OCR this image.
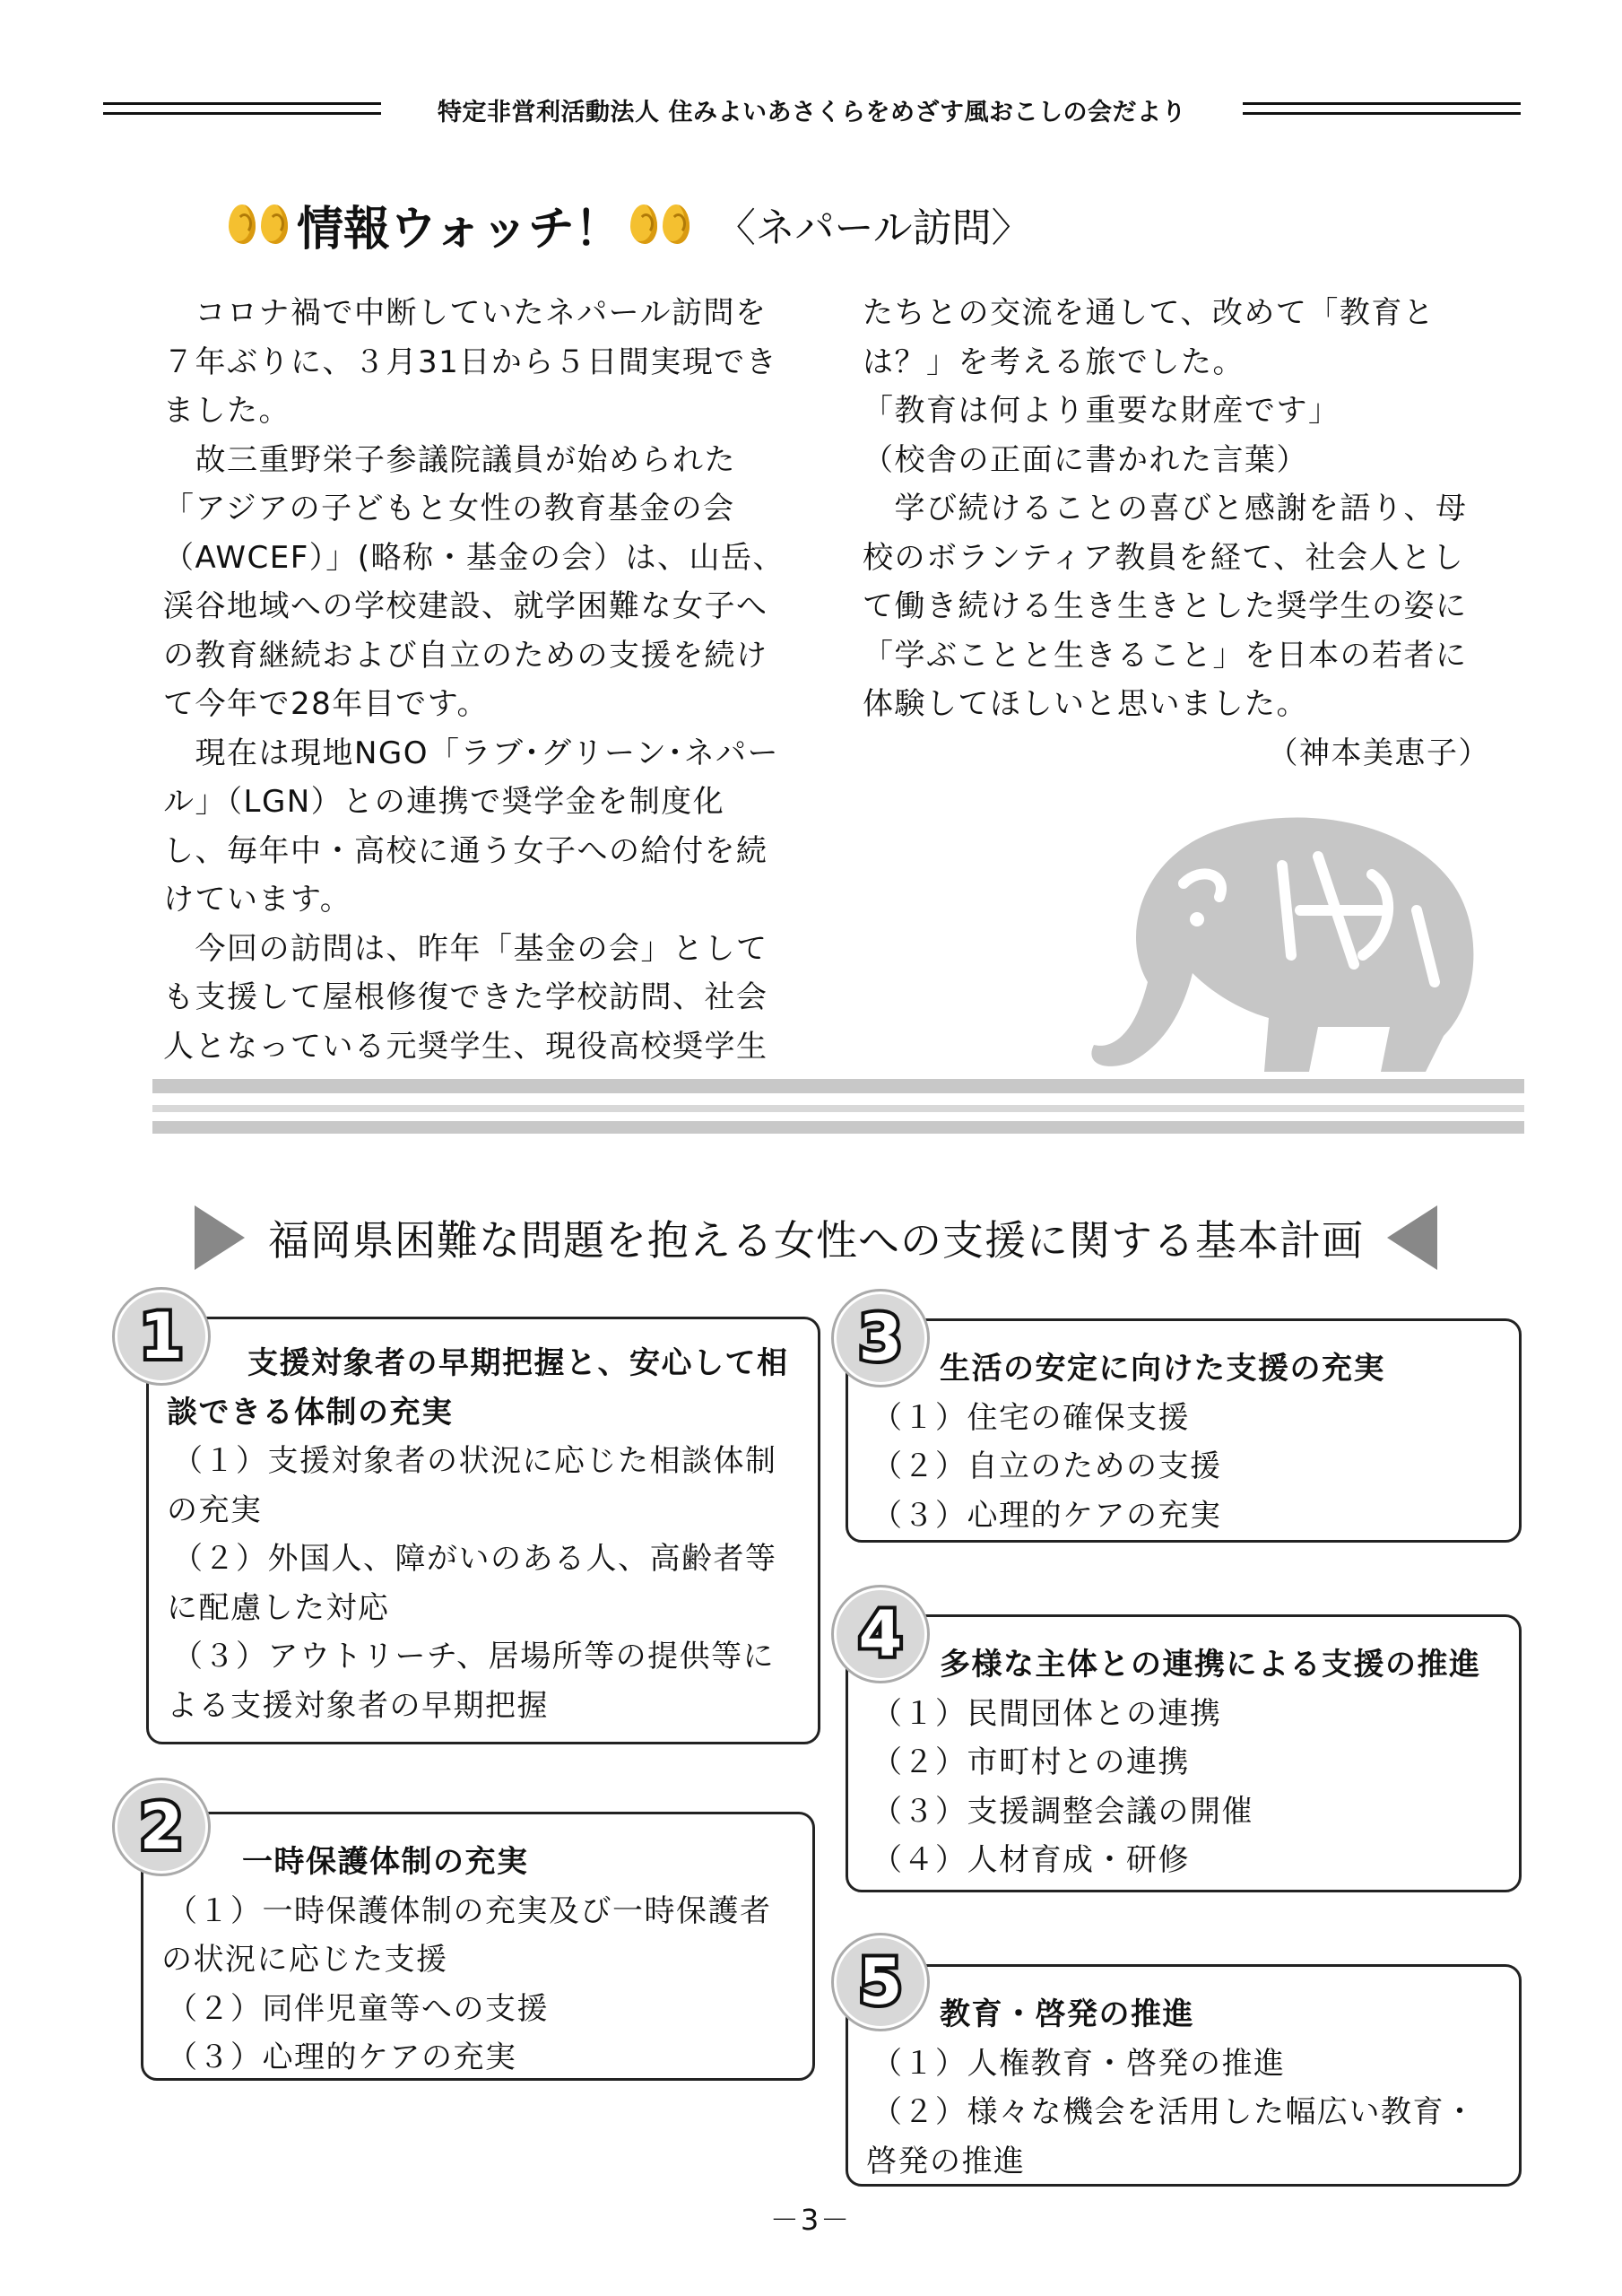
特定非営利活動法人 住みよいあさくらをめざす風おこしの会だより
情報ウォッチ！ 〈ネパール訪問〉

　コロナ禍で中断していたネパール訪問を

７年ぶりに、３月31日から５日間実現でき

ました。

　故三重野栄子参議院議員が始められた

「アジアの子どもと女性の教育基金の会

（AWCEF）」(略称・基金の会）は、山岳、

渓谷地域への学校建設、就学困難な女子へ

の教育継続および自立のための支援を続け

て今年で28年目です。

　現在は現地NGO「ラブ･グリーン･ネパー

ル」（LGN）との連携で奨学金を制度化

し、毎年中・高校に通う女子への給付を続

けています。

　今回の訪問は、昨年「基金の会」として

も支援して屋根修復できた学校訪問、社会

人となっている元奨学生、現役高校奨学生

たちとの交流を通して、改めて「教育と

は？」を考える旅でした。

「教育は何より重要な財産です」

（校舎の正面に書かれた言葉）

　学び続けることの喜びと感謝を語り、母

校のボランティア教員を経て、社会人とし

て働き続ける生き生きとした奨学生の姿に

「学ぶことと生きること」を日本の若者に

体験してほしいと思いました。

（神本美恵子）

福岡県困難な問題を抱える女性への支援に関する基本計画

支援対象者の早期把握と、安心して相

談できる体制の充実

（１）支援対象者の状況に応じた相談体制

の充実

（２）外国人、障がいのある人、高齢者等

に配慮した対応

（３）アウトリーチ、居場所等の提供等に

よる支援対象者の早期把握

1

一時保護体制の充実

（１）一時保護体制の充実及び一時保護者

の状況に応じた支援

（２）同伴児童等への支援

（３）心理的ケアの充実

2

生活の安定に向けた支援の充実

（１）住宅の確保支援

（２）自立のための支援

（３）心理的ケアの充実

3

多様な主体との連携による支援の推進

（１）民間団体との連携

（２）市町村との連携

（３）支援調整会議の開催

（４）人材育成・研修

4

教育・啓発の推進

（１）人権教育・啓発の推進

（２）様々な機会を活用した幅広い教育・

啓発の推進

5
－3－
